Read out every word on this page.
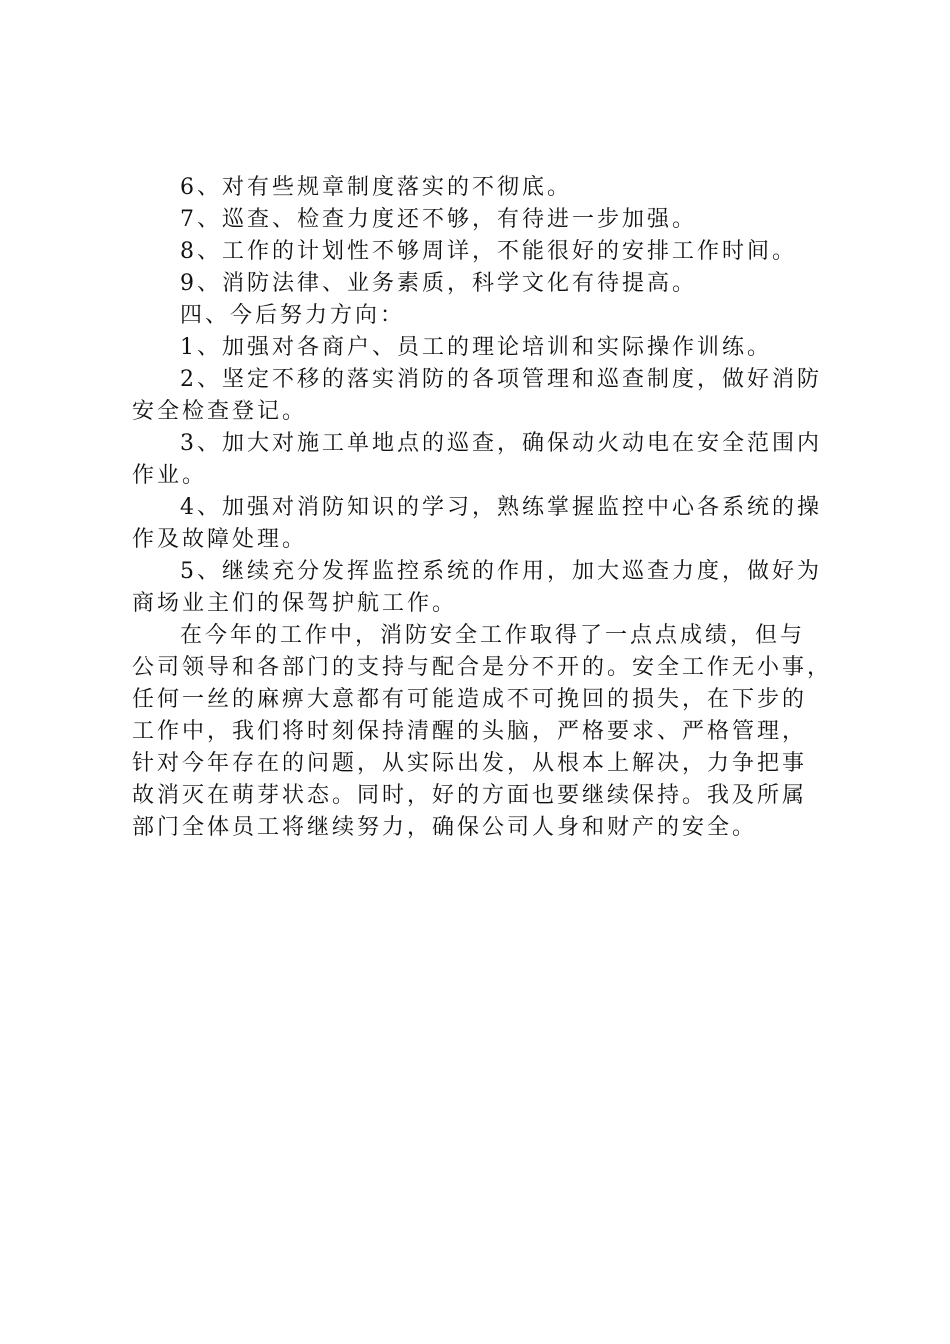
6、对有些规章制度落实的不彻底。
7、巡查、检查力度还不够，有待进一步加强。
8、工作的计划性不够周详，不能很好的安排工作时间。
9、消防法律、业务素质，科学文化有待提高。
四、今后努力方向：
1、加强对各商户、员工的理论培训和实际操作训练。
2、坚定不移的落实消防的各项管理和巡查制度，做好消防
安全检查登记。
3、加大对施工单地点的巡查，确保动火动电在安全范围内
作业。
4、加强对消防知识的学习，熟练掌握监控中心各系统的操
作及故障处理。
5、继续充分发挥监控系统的作用，加大巡查力度，做好为
商场业主们的保驾护航工作。
在今年的工作中，消防安全工作取得了一点点成绩，但与
公司领导和各部门的支持与配合是分不开的。安全工作无小事，
任何一丝的麻痹大意都有可能造成不可挽回的损失，在下步的
工作中，我们将时刻保持清醒的头脑，严格要求、严格管理，
针对今年存在的问题，从实际出发，从根本上解决，力争把事
故消灭在萌芽状态。同时，好的方面也要继续保持。我及所属
部门全体员工将继续努力，确保公司人身和财产的安全。
